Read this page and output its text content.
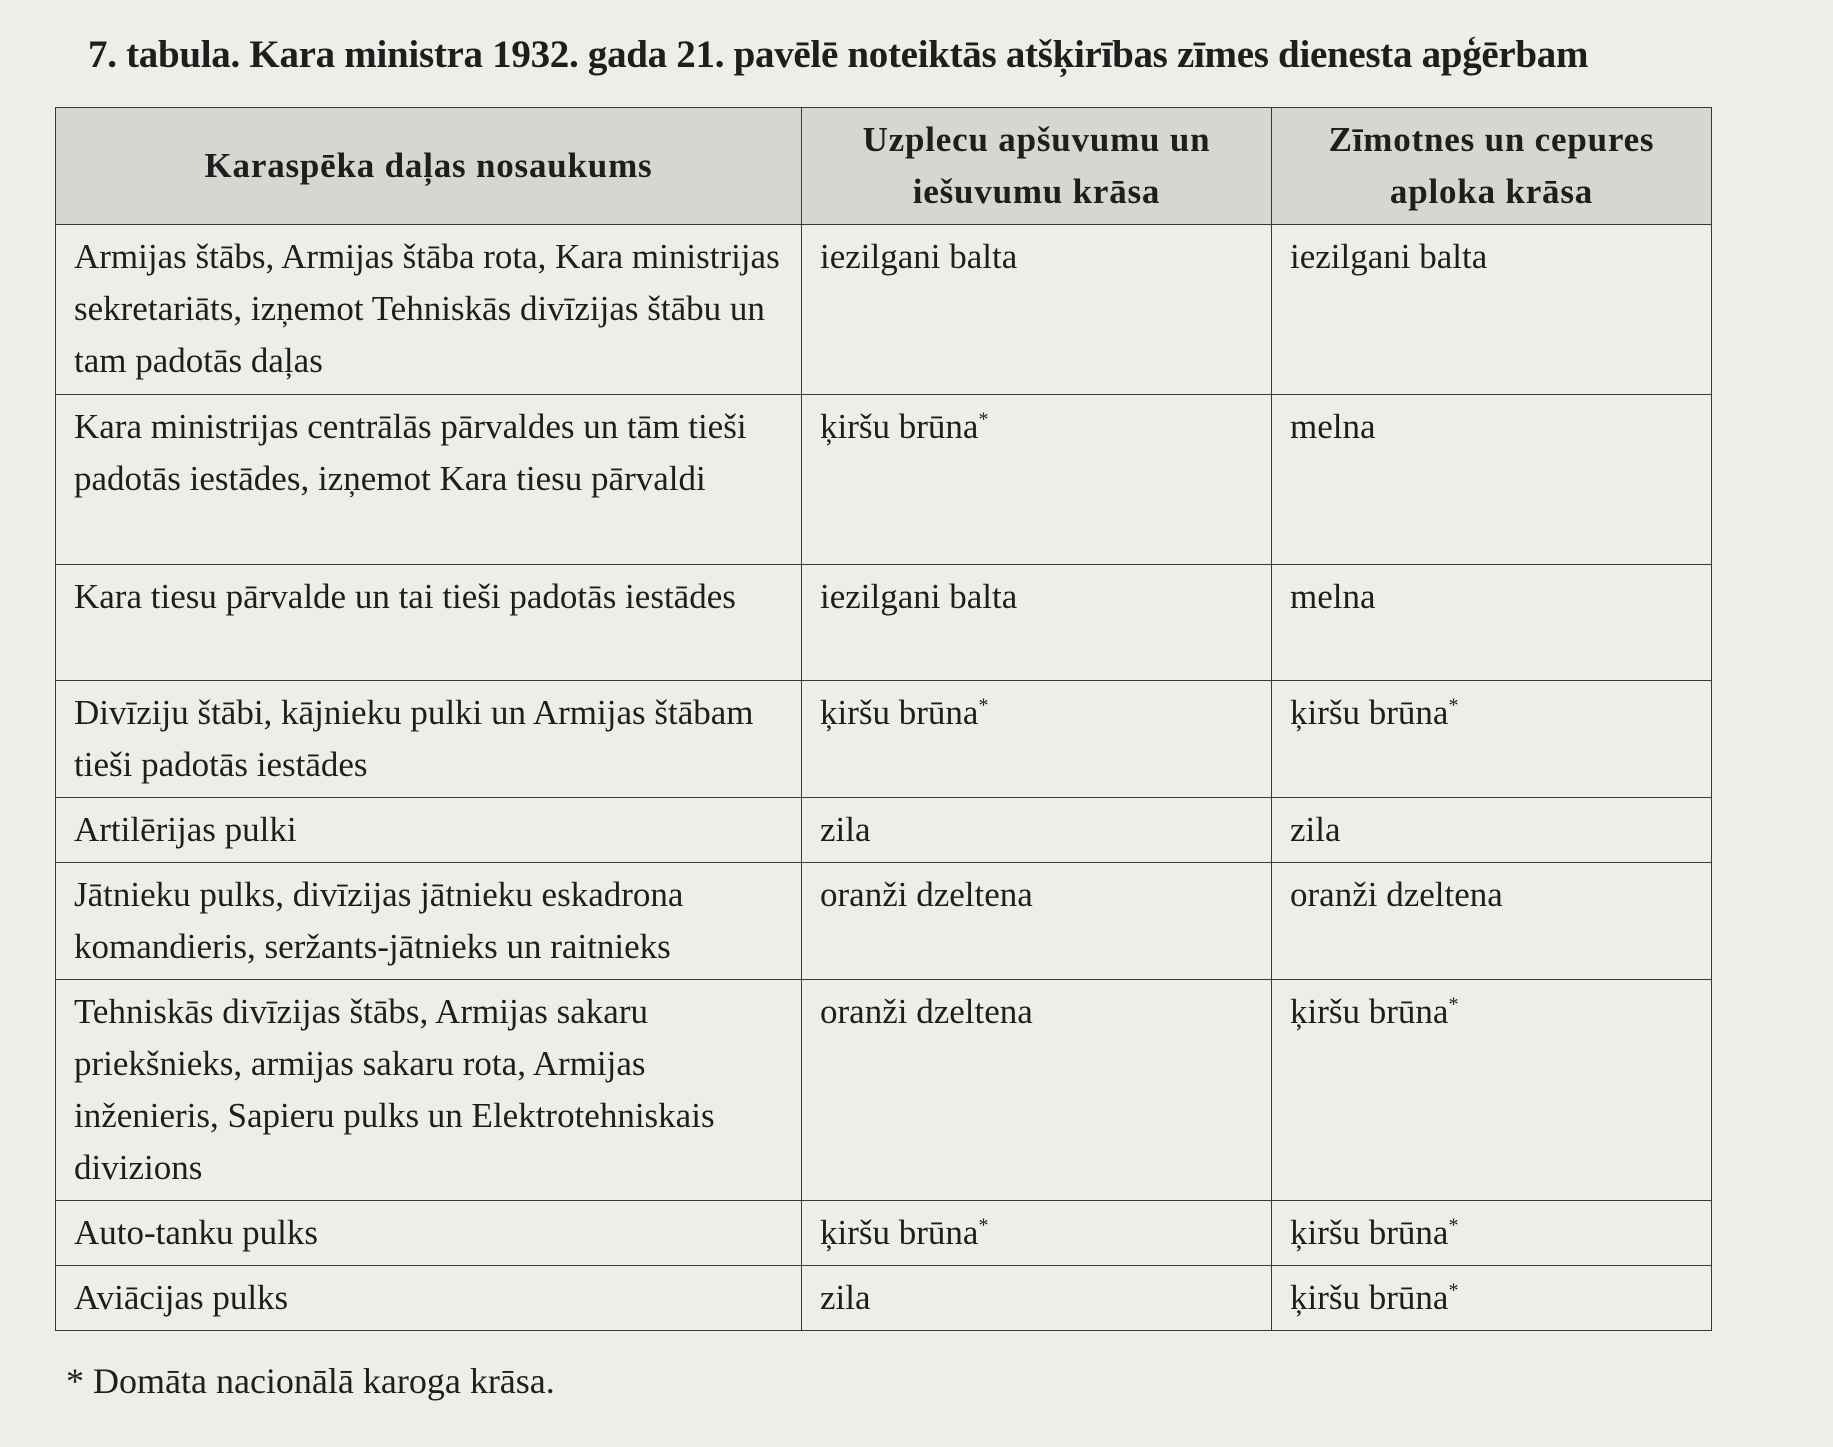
7. tabula. Kara ministra 1932. gada 21. pavēlē noteiktās atšķirības zīmes dienesta apģērbam
Karaspēka daļas nosaukums	Uzplecu apšuvumu un iešuvumu krāsa	Zīmotnes un cepures aploka krāsa
Armijas štābs, Armijas štāba rota, Kara ministrijas sekretariāts, izņemot Tehniskās divīzijas štābu un tam padotās daļas	iezilgani balta	iezilgani balta
Kara ministrijas centrālās pārvaldes un tām tieši padotās iestādes, izņemot Kara tiesu pārvaldi	ķiršu brūna*	melna
Kara tiesu pārvalde un tai tieši padotās iestādes	iezilgani balta	melna
Divīziju štābi, kājnieku pulki un Armijas štābam tieši padotās iestādes	ķiršu brūna*	ķiršu brūna*
Artilērijas pulki	zila	zila
Jātnieku pulks, divīzijas jātnieku eskadrona komandieris, seržants-jātnieks un raitnieks	oranži dzeltena	oranži dzeltena
Tehniskās divīzijas štābs, Armijas sakaru priekšnieks, armijas sakaru rota, Armijas inženieris, Sapieru pulks un Elektrotehniskais divizions	oranži dzeltena	ķiršu brūna*
Auto-tanku pulks	ķiršu brūna*	ķiršu brūna*
Aviācijas pulks	zila	ķiršu brūna*
* Domāta nacionālā karoga krāsa.
